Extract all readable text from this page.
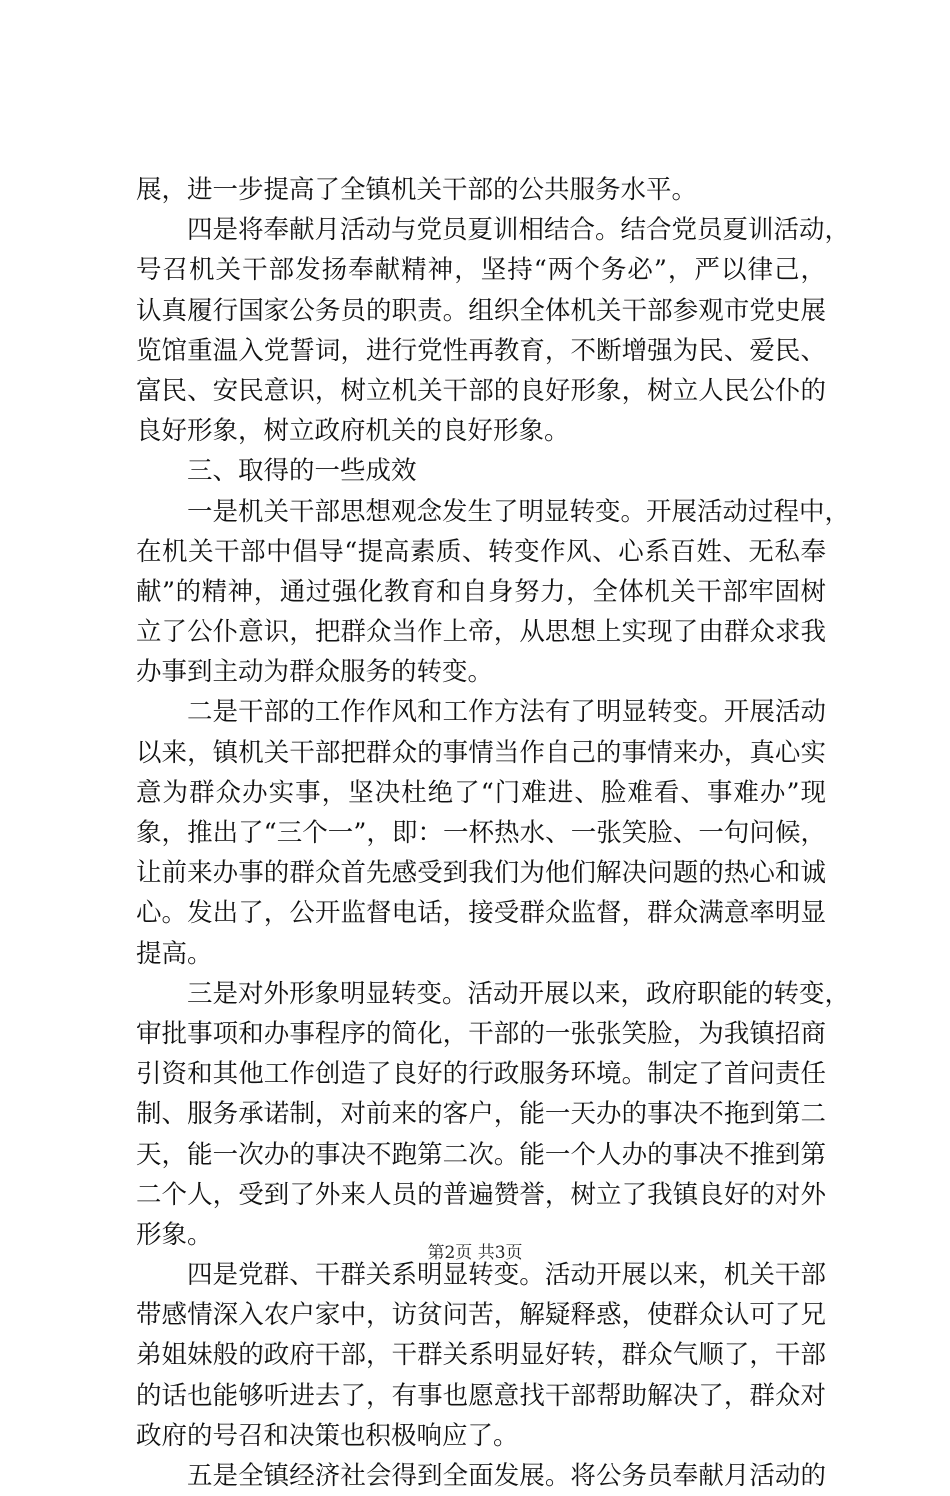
展，进一步提高了全镇机关干部的公共服务水平。
四是将奉献月活动与党员夏训相结合。结合党员夏训活动，
号召机关干部发扬奉献精神，坚持“两个务必”，严以律己，
认真履行国家公务员的职责。组织全体机关干部参观市党史展
览馆重温入党誓词，进行党性再教育，不断增强为民、爱民、
富民、安民意识，树立机关干部的良好形象，树立人民公仆的
良好形象，树立政府机关的良好形象。
三、取得的一些成效
一是机关干部思想观念发生了明显转变。开展活动过程中，
在机关干部中倡导“提高素质、转变作风、心系百姓、无私奉
献”的精神，通过强化教育和自身努力，全体机关干部牢固树
立了公仆意识，把群众当作上帝，从思想上实现了由群众求我
办事到主动为群众服务的转变。
二是干部的工作作风和工作方法有了明显转变。开展活动
以来，镇机关干部把群众的事情当作自己的事情来办，真心实
意为群众办实事，坚决杜绝了“门难进、脸难看、事难办”现
象，推出了“三个一”，即：一杯热水、一张笑脸、一句问候，
让前来办事的群众首先感受到我们为他们解决问题的热心和诚
心。发出了，公开监督电话，接受群众监督，群众满意率明显
提高。
三是对外形象明显转变。活动开展以来，政府职能的转变，
审批事项和办事程序的简化，干部的一张张笑脸，为我镇招商
引资和其他工作创造了良好的行政服务环境。制定了首问责任
制、服务承诺制，对前来的客户，能一天办的事决不拖到第二
天，能一次办的事决不跑第二次。能一个人办的事决不推到第
二个人，受到了外来人员的普遍赞誉，树立了我镇良好的对外
形象。
四是党群、干群关系明显转变。活动开展以来，机关干部
带感情深入农户家中，访贫问苦，解疑释惑，使群众认可了兄
弟姐妹般的政府干部，干群关系明显好转，群众气顺了，干部
的话也能够听进去了，有事也愿意找干部帮助解决了，群众对
政府的号召和决策也积极响应了。
五是全镇经济社会得到全面发展。将公务员奉献月活动的
第2页 共3页
